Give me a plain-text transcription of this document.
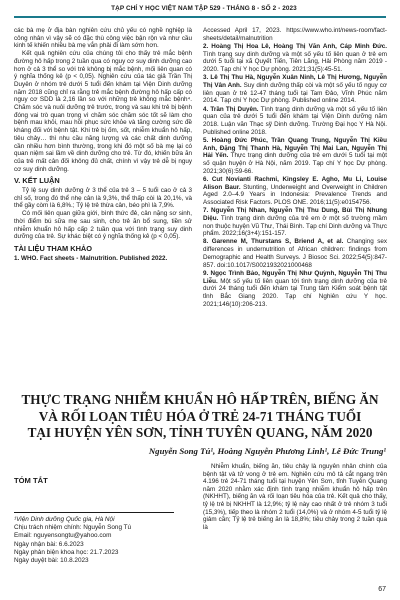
TẠP CHÍ Y HỌC VIỆT NAM TẬP 529 - THÁNG 8 - SỐ 2 - 2023

các bà mẹ ở địa bàn nghiên cứu chủ yếu có nghề nghiệp là công nhân vì vậy sẽ có đặc thù công việc bận rộn và như cầu kinh tế khiến nhiều bà mẹ vắn phải đi làm sớm hơn.

Kết quả nghiên cứu của chúng tôi cho thấy trẻ mắc bệnh đường hô hấp trong 2 tuần qua có nguy cơ suy dinh dưỡng cao hơn ở cả 3 thể so với trẻ không bị mắc bệnh, mối liên quan có ý nghĩa thống kê (p < 0,05). Nghiên cứu của tác giả Trần Thị Duyên ở nhóm trẻ dưới 5 tuổi đến khám tại Viện Dinh dưỡng năm 2018 cũng chỉ ra rằng trẻ mắc bệnh đường hô hấp cấp có nguy cơ SDD là 2,16 lần so với những trẻ không mắc bệnh⁴. Chăm sóc và nuôi dưỡng trẻ trước, trong và sau khi trẻ bị bệnh đóng vai trò quan trọng vì chăm sóc chăm sóc tốt sẽ làm cho bệnh mau khỏi, mau hồi phục sức khỏe và tăng cường sức đề kháng đối với bệnh tật. Khi trẻ bị ốm, sốt, nhiễm khuẩn hô hấp, tiêu chảy… thì nhu cầu năng lượng và các chất dinh dưỡng cần nhiều hơn bình thường, trong khi đó một số bà mẹ lại có quan niệm sai lầm về dinh dưỡng cho trẻ. Từ đó, khiến bữa ăn của trẻ mất cân đối không đủ chất, chính vì vậy trẻ dễ bị nguy cơ suy dinh dưỡng.

V. KẾT LUẬN

Tỷ lệ suy dinh dưỡng ở 3 thể của trẻ 3 – 5 tuổi cao ở cả 3 chỉ số, trong đó thể nhẹ cân là 9,3%, thể thấp còi là 20,1%, và thể gầy còm là 6,8%.; Tỷ lệ trẻ thừa cân, béo phì là 7,9%.

Có mối liên quan giữa giới, bình thức đẻ, cân nặng sơ sinh, thời điểm bú sữa mẹ sau sinh, cho trẻ ăn bổ sung, tiền sử nhiễm khuẩn hô hấp cấp 2 tuần qua với tình trạng suy dinh dưỡng của trẻ. Sự khác biệt có ý nghĩa thống kê (p < 0,05).

TÀI LIỆU THAM KHẢO
1. WHO. Fact sheets - Malnutrition. Published 2022.
Accessed April 17, 2023. https://www.who.int/news-room/fact-sheets/detail/malnutrition
2. Hoàng Thị Hoa Lê, Hoàng Thị Văn Anh, Cáp Minh Đức. Tình trạng suy dinh dưỡng và một số yếu tố liên quan ở trẻ em dưới 5 tuổi tại xã Quyết Tiến, Tiên Lãng, Hải Phòng năm 2019 - 2020. Tạp chí Y học Dự phòng. 2021;31(5):45-51.
3. Lê Thị Thu Hà, Nguyễn Xuân Ninh, Lê Thị Hương, Nguyễn Thị Vân Anh. Suy dinh dưỡng thấp còi và một số yếu tố nguy cơ liên quan ở trẻ 12-47 tháng tuổi tại Tam Đảo, Vĩnh Phúc năm 2014. Tạp chí Y học Dự phòng. Published online 2014.
4. Trần Thị Duyên. Tình trạng dinh dưỡng và một số yếu tố liên quan của trẻ dưới 5 tuổi đến khám tại Viện Dinh dưỡng năm 2018. Luận văn Thạc sỹ Dinh dưỡng. Trường Đại học Y Hà Nội. Published online 2018.
5. Hoàng Đức Phúc, Trần Quang Trung, Nguyễn Thị Kiều Anh, Đặng Thị Thanh Hà, Nguyễn Thị Mai Lan, Nguyễn Thị Hải Yến. Thực trạng dinh dưỡng của trẻ em dưới 5 tuổi tại một số quận huyện ở Hà Nội, năm 2019. Tạp chí Y học Dự phòng. 2021;30(6):59-66.
6. Cut Novianti Rachmi, Kingsley E. Agho, Mu Li, Louise Alison Baur. Stunting, Underweight and Overweight in Children Aged 2.0–4.9 Years in Indonesia: Prevalence Trends and Associated Risk Factors. PLOS ONE. 2016;11(5):e0154756.
7. Nguyễn Thị Nhan, Nguyễn Thị Thu Dung, Bùi Thị Nhung Diệu. Tình trạng dinh dưỡng của trẻ em ở một số trường mầm non thuộc huyện Vũ Thư, Thái Bình. Tạp chí Dinh dưỡng và Thực phẩm. 2022;16(3+4):151-157.
8. Garenne M, Thurstans S, Briend A, et al. Changing sex differences in undernutrition of African children: findings from Demographic and Health Surveys. J Biosoc Sci. 2022;54(5):847-857. doi:10.1017/S0021932021000468
9. Ngọc Trình Bảo, Nguyễn Thị Như Quỳnh, Nguyễn Thị Thu Liễu. Một số yếu tố liên quan tới tình trạng dinh dưỡng của trẻ dưới 24 tháng tuổi đến khám tại Trung tâm Kiểm soát bệnh tật tỉnh Bắc Giang 2020. Tạp chí Nghiên cứu Y học. 2021;146(10):206-213.
THỰC TRẠNG NHIỄM KHUẨN HÔ HẤP TRÊN, BIẾNG ĂN
VÀ RỐI LOẠN TIÊU HÓA Ở TRẺ 24-71 THÁNG TUỔI
TẠI HUYỆN YÊN SƠN, TỈNH TUYÊN QUANG, NĂM 2020
Nguyễn Song Tú¹, Hoàng Nguyễn Phương Linh¹, Lê Đức Trung¹
TÓM TẮT
¹Viện Dinh dưỡng Quốc gia, Hà Nội
Chịu trách nhiệm chính: Nguyễn Song Tú
Email: nguyensongtu@yahoo.com
Ngày nhận bài: 6.6.2023
Ngày phản biện khoa học: 21.7.2023
Ngày duyệt bài: 10.8.2023

Nhiễm khuẩn, biếng ăn, tiêu chảy là nguyên nhân chính của bệnh tật và tử vong ở trẻ em. Nghiên cứu mô tả cắt ngang trên 4.196 trẻ 24-71 tháng tuổi tại huyện Yên Sơn, tỉnh Tuyên Quang năm 2020 nhằm xác định tình trạng nhiễm khuẩn hô hấp trên (NKHHT), biếng ăn và rối loạn tiêu hóa của trẻ. Kết quả cho thấy, tỷ lệ trẻ bị NKHHT là 12,9%; tỷ lệ này cao nhất ở trẻ nhóm 3 tuổi (15,3%), tiếp theo là nhóm 2 tuổi (14,0%) và ở nhóm 4-5 tuổi tỷ lệ giảm cần; Tỷ lệ trẻ biếng ăn là 18,8%; tiêu chảy trong 2 tuần qua là

67
